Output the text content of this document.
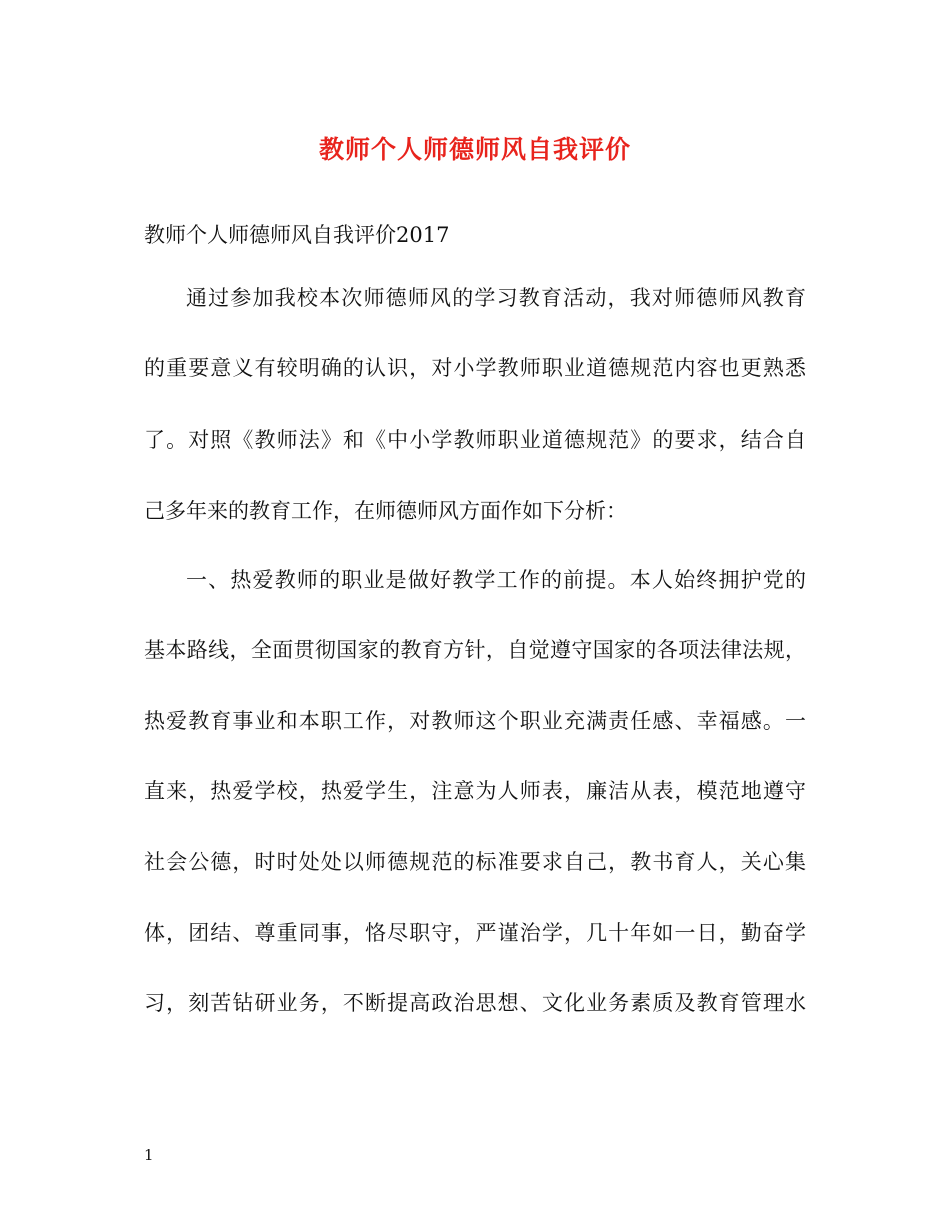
教师个人师德师风自我评价
教师个人师德师风自我评价2017
通过参加我校本次师德师风的学习教育活动，我对师德师风教育
的重要意义有较明确的认识，对小学教师职业道德规范内容也更熟悉
了。对照《教师法》和《中小学教师职业道德规范》的要求，结合自
己多年来的教育工作，在师德师风方面作如下分析：
一、热爱教师的职业是做好教学工作的前提。本人始终拥护党的
基本路线，全面贯彻国家的教育方针，自觉遵守国家的各项法律法规，
热爱教育事业和本职工作，对教师这个职业充满责任感、幸福感。一
直来，热爱学校，热爱学生，注意为人师表，廉洁从表，模范地遵守
社会公德，时时处处以师德规范的标准要求自己，教书育人，关心集
体，团结、尊重同事，恪尽职守，严谨治学，几十年如一日，勤奋学
习，刻苦钻研业务，不断提高政治思想、文化业务素质及教育管理水
1
